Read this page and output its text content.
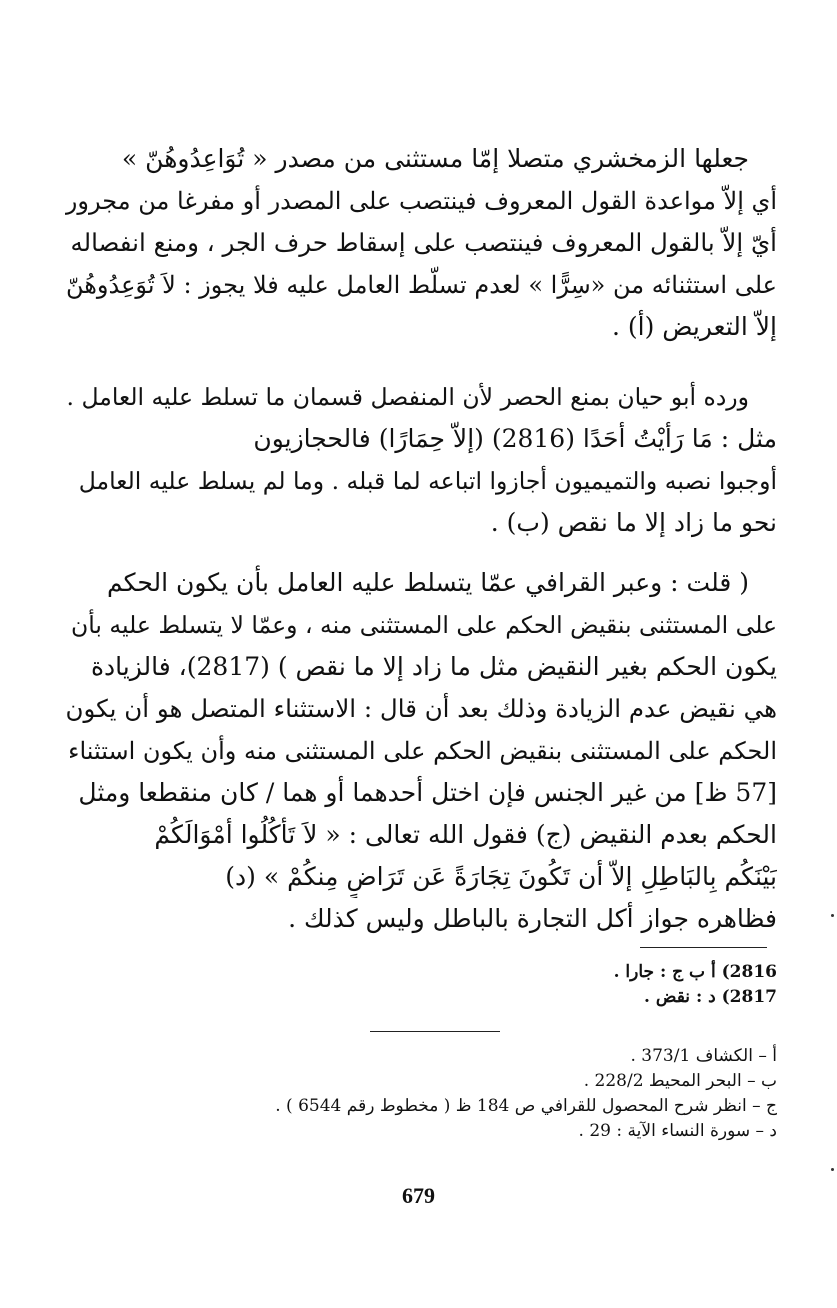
جعلها الزمخشري متصلا إمّا مستثنى من مصدر « تُوَاعِدُوهُنّ »
أي إلاّ مواعدة القول المعروف فينتصب على المصدر أو مفرغا من مجرور
أيّ إلاّ بالقول المعروف فينتصب على إسقاط حرف الجر ، ومنع انفصاله
على استثنائه من «سِرًّا » لعدم تسلّط العامل عليه فلا يجوز : لاَ تُوَعِدُوهُنّ
إلاّ التعريض (أ) .
ورده أبو حيان بمنع الحصر لأن المنفصل قسمان ما تسلط عليه العامل .
مثل : مَا رَأيْتُ أحَدًا (2816) (إلاّ حِمَارًا) فالحجازيون
أوجبوا نصبه والتميميون أجازوا اتباعه لما قبله . وما لم يسلط عليه العامل
نحو ما زاد إلا ما نقص (ب) .
( قلت : وعبر القرافي عمّا يتسلط عليه العامل بأن يكون الحكم
على المستثنى بنقيض الحكم على المستثنى منه ، وعمّا لا يتسلط عليه بأن
يكون الحكم بغير النقيض مثل ما زاد إلا ما نقص ) (2817)، فالزيادة
هي نقيض عدم الزيادة وذلك بعد أن قال : الاستثناء المتصل هو أن يكون
الحكم على المستثنى بنقيض الحكم على المستثنى منه وأن يكون استثناء
[57 ظ] من غير الجنس فإن اختل أحدهما أو هما / كان منقطعا ومثل
الحكم بعدم النقيض (ج) فقول الله تعالى : « لاَ تَأكُلُوا أمْوَالَكُمْ
بَيْنَكُم بِالبَاطِلِ إلاّ أن تَكُونَ تِجَارَةً عَن تَرَاضٍ مِنكُمْ » (د)
فظاهره جواز أكل التجارة بالباطل وليس كذلك .
2816) أ ب ج : جارا .
2817) د : نقض .
أ – الكشاف 373/1 .
ب – البحر المحيط 228/2 .
ج – انظر شرح المحصول للقرافي ص 184 ظ ( مخطوط رقم 6544 ) .
د – سورة النساء الآية : 29 .
679
